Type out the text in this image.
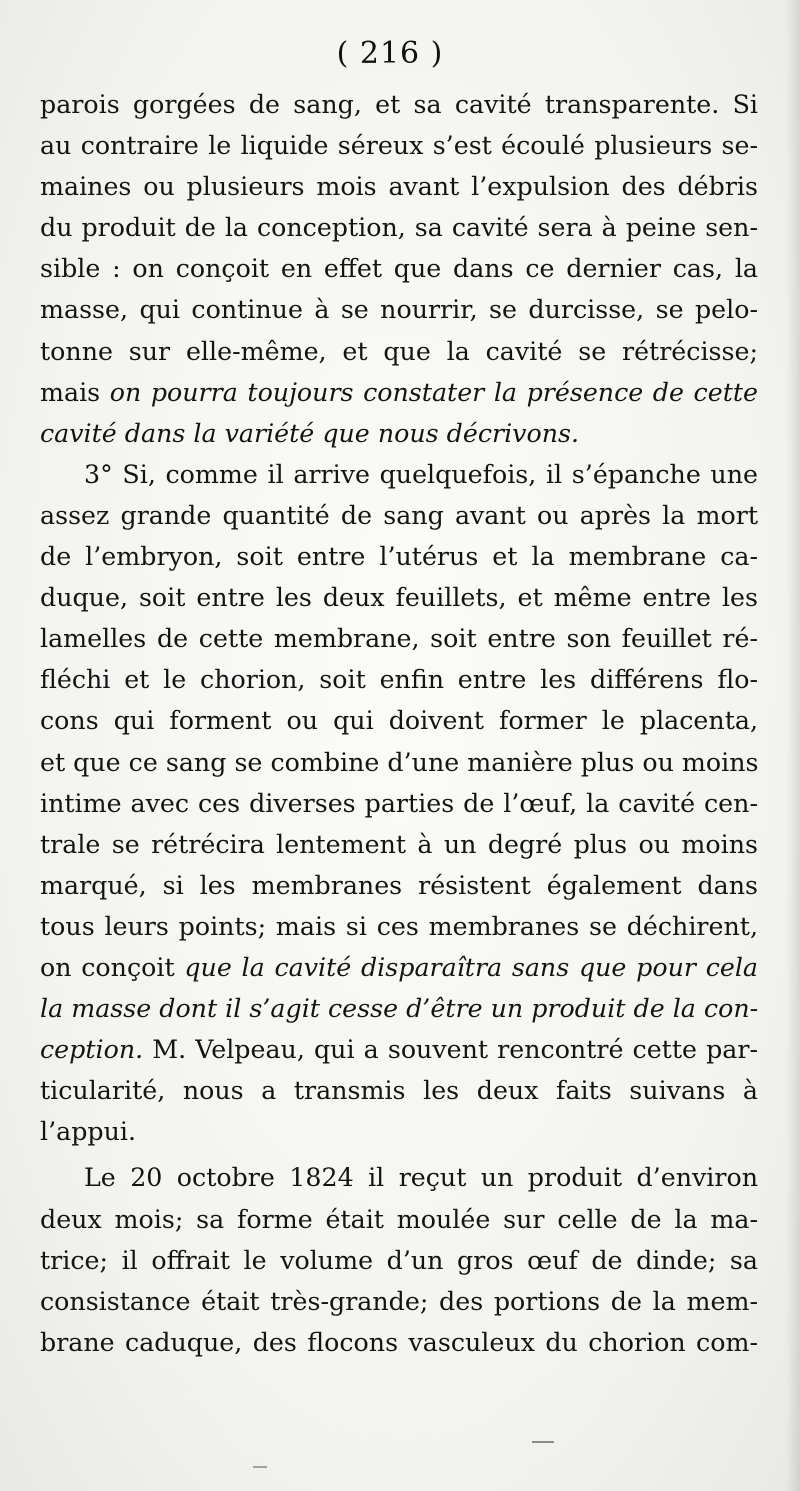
( 216 )
parois gorgées de sang, et sa cavité transparente. Si
au contraire le liquide séreux s’est écoulé plusieurs se-
maines ou plusieurs mois avant l’expulsion des débris
du produit de la conception, sa cavité sera à peine sen-
sible : on conçoit en effet que dans ce dernier cas, la
masse, qui continue à se nourrir, se durcisse, se pelo-
tonne sur elle-même, et que la cavité se rétrécisse;
mais on pourra toujours constater la présence de cette
cavité dans la variété que nous décrivons.
3° Si, comme il arrive quelquefois, il s’épanche une
assez grande quantité de sang avant ou après la mort
de l’embryon, soit entre l’utérus et la membrane ca-
duque, soit entre les deux feuillets, et même entre les
lamelles de cette membrane, soit entre son feuillet ré-
fléchi et le chorion, soit enfin entre les différens flo-
cons qui forment ou qui doivent former le placenta,
et que ce sang se combine d’une manière plus ou moins
intime avec ces diverses parties de l’œuf, la cavité cen-
trale se rétrécira lentement à un degré plus ou moins
marqué, si les membranes résistent également dans
tous leurs points; mais si ces membranes se déchirent,
on conçoit que la cavité disparaîtra sans que pour cela
la masse dont il s’agit cesse d’être un produit de la con-
ception. M. Velpeau, qui a souvent rencontré cette par-
ticularité, nous a transmis les deux faits suivans à
l’appui.
Le 20 octobre 1824 il reçut un produit d’environ
deux mois; sa forme était moulée sur celle de la ma-
trice; il offrait le volume d’un gros œuf de dinde; sa
consistance était très-grande; des portions de la mem-
brane caduque, des flocons vasculeux du chorion com-
